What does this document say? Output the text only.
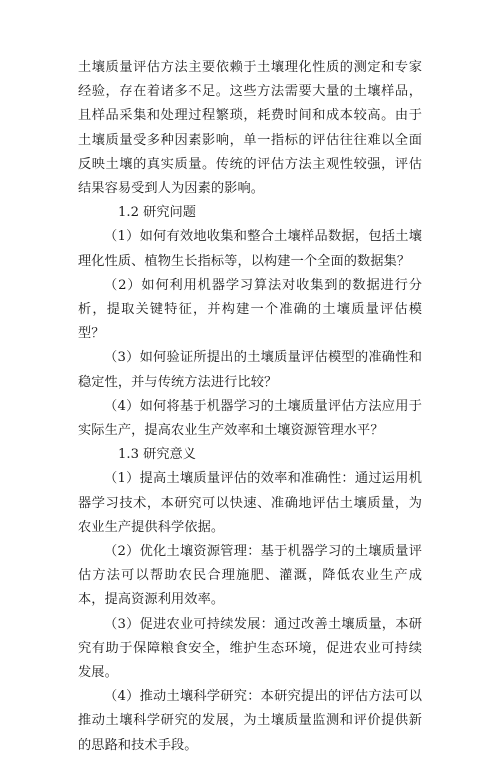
土壤质量评估方法主要依赖于土壤理化性质的测定和专家经验，存在着诸多不足。这些方法需要大量的土壤样品，且样品采集和处理过程繁琐，耗费时间和成本较高。由于土壤质量受多种因素影响，单一指标的评估往往难以全面反映土壤的真实质量。传统的评估方法主观性较强，评估结果容易受到人为因素的影响。

1.2 研究问题

（1）如何有效地收集和整合土壤样品数据，包括土壤理化性质、植物生长指标等，以构建一个全面的数据集？

（2）如何利用机器学习算法对收集到的数据进行分析，提取关键特征，并构建一个准确的土壤质量评估模型？

（3）如何验证所提出的土壤质量评估模型的准确性和稳定性，并与传统方法进行比较？

（4）如何将基于机器学习的土壤质量评估方法应用于实际生产，提高农业生产效率和土壤资源管理水平？

1.3 研究意义

（1）提高土壤质量评估的效率和准确性：通过运用机器学习技术，本研究可以快速、准确地评估土壤质量，为农业生产提供科学依据。

（2）优化土壤资源管理：基于机器学习的土壤质量评估方法可以帮助农民合理施肥、灌溉，降低农业生产成本，提高资源利用效率。

（3）促进农业可持续发展：通过改善土壤质量，本研究有助于保障粮食安全，维护生态环境，促进农业可持续发展。

（4）推动土壤科学研究：本研究提出的评估方法可以推动土壤科学研究的发展，为土壤质量监测和评价提供新的思路和技术手段。
